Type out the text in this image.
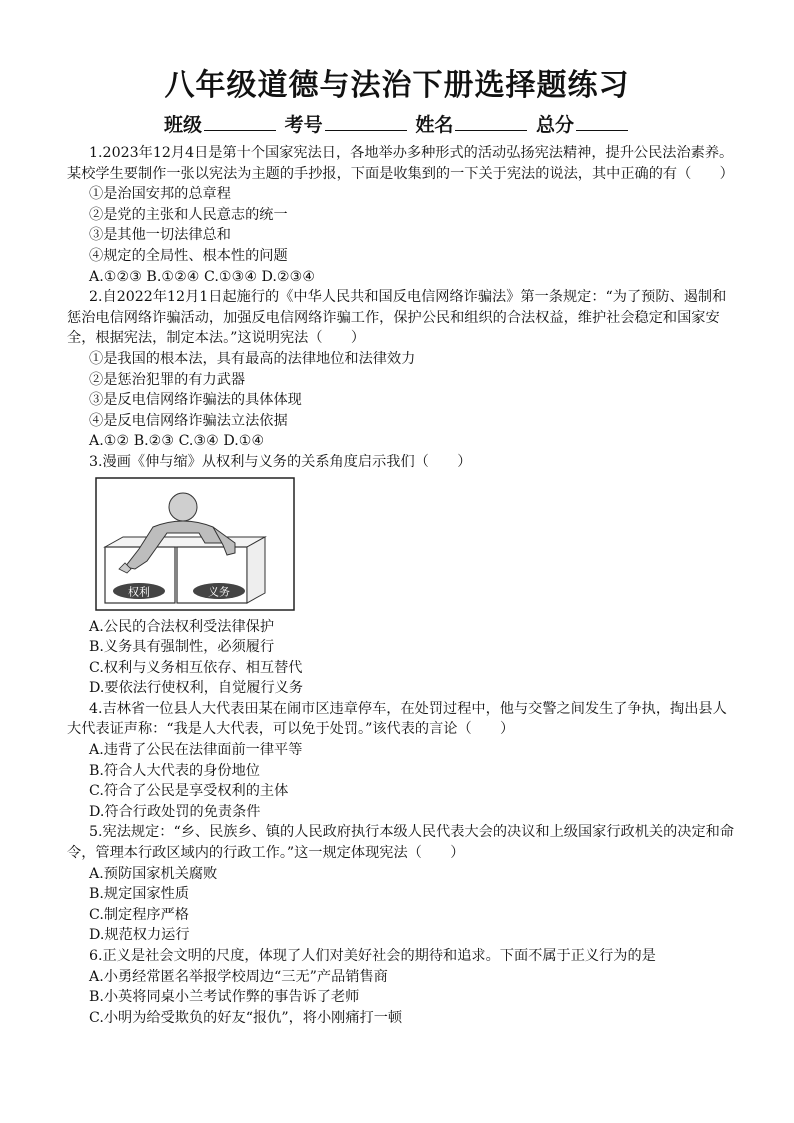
八年级道德与法治下册选择题练习
班级	考号	姓名	总分
1.2023年12月4日是第十个国家宪法日，各地举办多种形式的活动弘扬宪法精神，提升公民法治素养。某校学生要制作一张以宪法为主题的手抄报，下面是收集到的一下关于宪法的说法，其中正确的有（　　）
①是治国安邦的总章程
②是党的主张和人民意志的统一
③是其他一切法律总和
④规定的全局性、根本性的问题
A.①②③ B.①②④ C.①③④ D.②③④
2.自2022年12月1日起施行的《中华人民共和国反电信网络诈骗法》第一条规定：“为了预防、遏制和惩治电信网络诈骗活动，加强反电信网络诈骗工作，保护公民和组织的合法权益，维护社会稳定和国家安全，根据宪法，制定本法。”这说明宪法（　　）
①是我国的根本法，具有最高的法律地位和法律效力
②是惩治犯罪的有力武器
③是反电信网络诈骗法的具体体现
④是反电信网络诈骗法立法依据
A.①② B.②③ C.③④ D.①④
3.漫画《伸与缩》从权利与义务的关系角度启示我们（　　）
权利	义务
A.公民的合法权利受法律保护
B.义务具有强制性，必须履行
C.权利与义务相互依存、相互替代
D.要依法行使权利，自觉履行义务
4.吉林省一位县人大代表田某在闹市区违章停车，在处罚过程中，他与交警之间发生了争执，掏出县人大代表证声称：“我是人大代表，可以免于处罚。”该代表的言论（　　）
A.违背了公民在法律面前一律平等
B.符合人大代表的身份地位
C.符合了公民是享受权利的主体
D.符合行政处罚的免责条件
5.宪法规定：“乡、民族乡、镇的人民政府执行本级人民代表大会的决议和上级国家行政机关的决定和命令，管理本行政区域内的行政工作。”这一规定体现宪法（　　）
A.预防国家机关腐败
B.规定国家性质
C.制定程序严格
D.规范权力运行
6.正义是社会文明的尺度，体现了人们对美好社会的期待和追求。下面不属于正义行为的是
A.小勇经常匿名举报学校周边“三无”产品销售商
B.小英将同桌小兰考试作弊的事告诉了老师
C.小明为给受欺负的好友“报仇”，将小刚痛打一顿
